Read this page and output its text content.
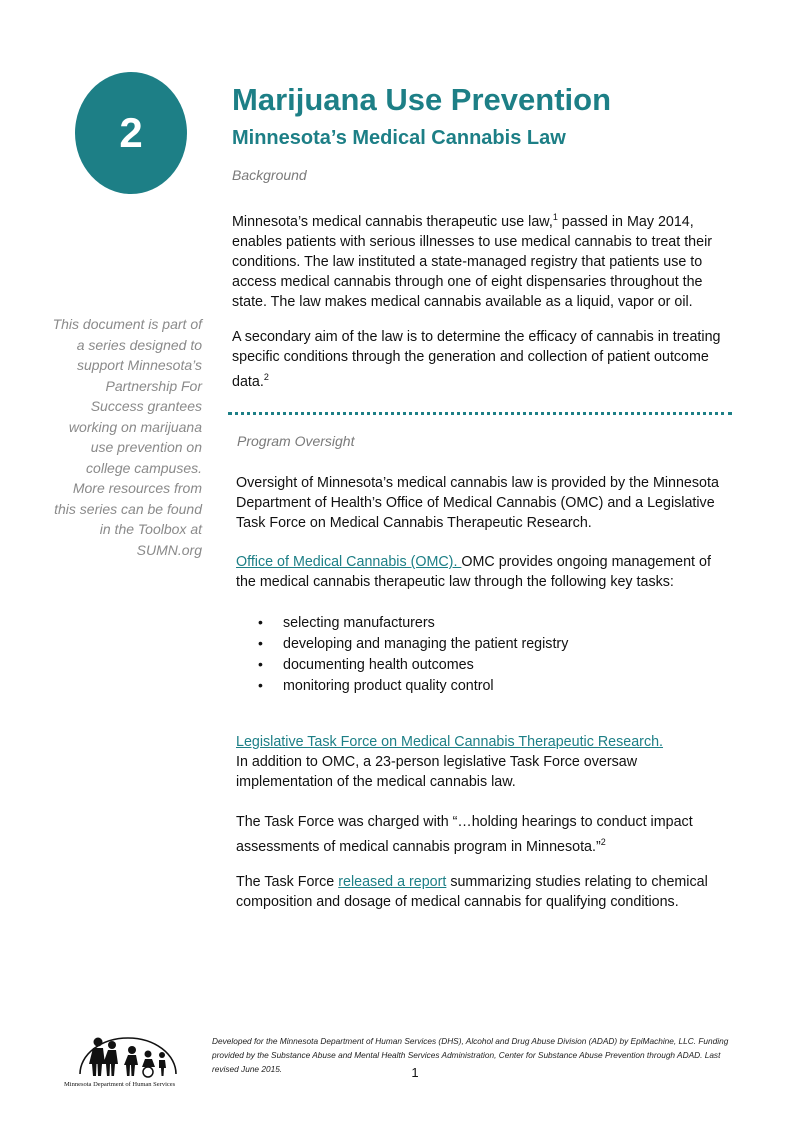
2
Marijuana Use Prevention
Minnesota’s Medical Cannabis Law

Background

Minnesota’s medical cannabis therapeutic use law,$^1$ passed in May 2014, enables patients with serious illnesses to use medical cannabis to treat their conditions. The law instituted a state-managed registry that patients use to access medical cannabis through one of eight dispensaries throughout the state. The law makes medical cannabis available as a liquid, vapor or oil.

A secondary aim of the law is to determine the efficacy of cannabis in treating specific conditions through the generation and collection of patient outcome data.$^2$

This document is part of a series designed to support Minnesota’s Partnership For Success grantees working on marijuana use prevention on college campuses. More resources from this series can be found in the Toolbox at SUMN.org

Program Oversight

Oversight of Minnesota’s medical cannabis law is provided by the Minnesota Department of Health’s Office of Medical Cannabis (OMC) and a Legislative Task Force on Medical Cannabis Therapeutic Research.

Office of Medical Cannabis (OMC). OMC provides ongoing management of the medical cannabis therapeutic law through the following key tasks:

•	selecting manufacturers
•	developing and managing the patient registry
•	documenting health outcomes
•	monitoring product quality control

Legislative Task Force on Medical Cannabis Therapeutic Research.
In addition to OMC, a 23-person legislative Task Force oversaw implementation of the medical cannabis law.

The Task Force was charged with “…holding hearings to conduct impact assessments of medical cannabis program in Minnesota.”$^2$

The Task Force released a report summarizing studies relating to chemical composition and dosage of medical cannabis for qualifying conditions.

Minnesota Department of Human Services

Developed for the Minnesota Department of Human Services (DHS), Alcohol and Drug Abuse Division (ADAD) by EpiMachine, LLC. Funding provided by the Substance Abuse and Mental Health Services Administration, Center for Substance Abuse Prevention through ADAD. Last revised June 2015.	1
